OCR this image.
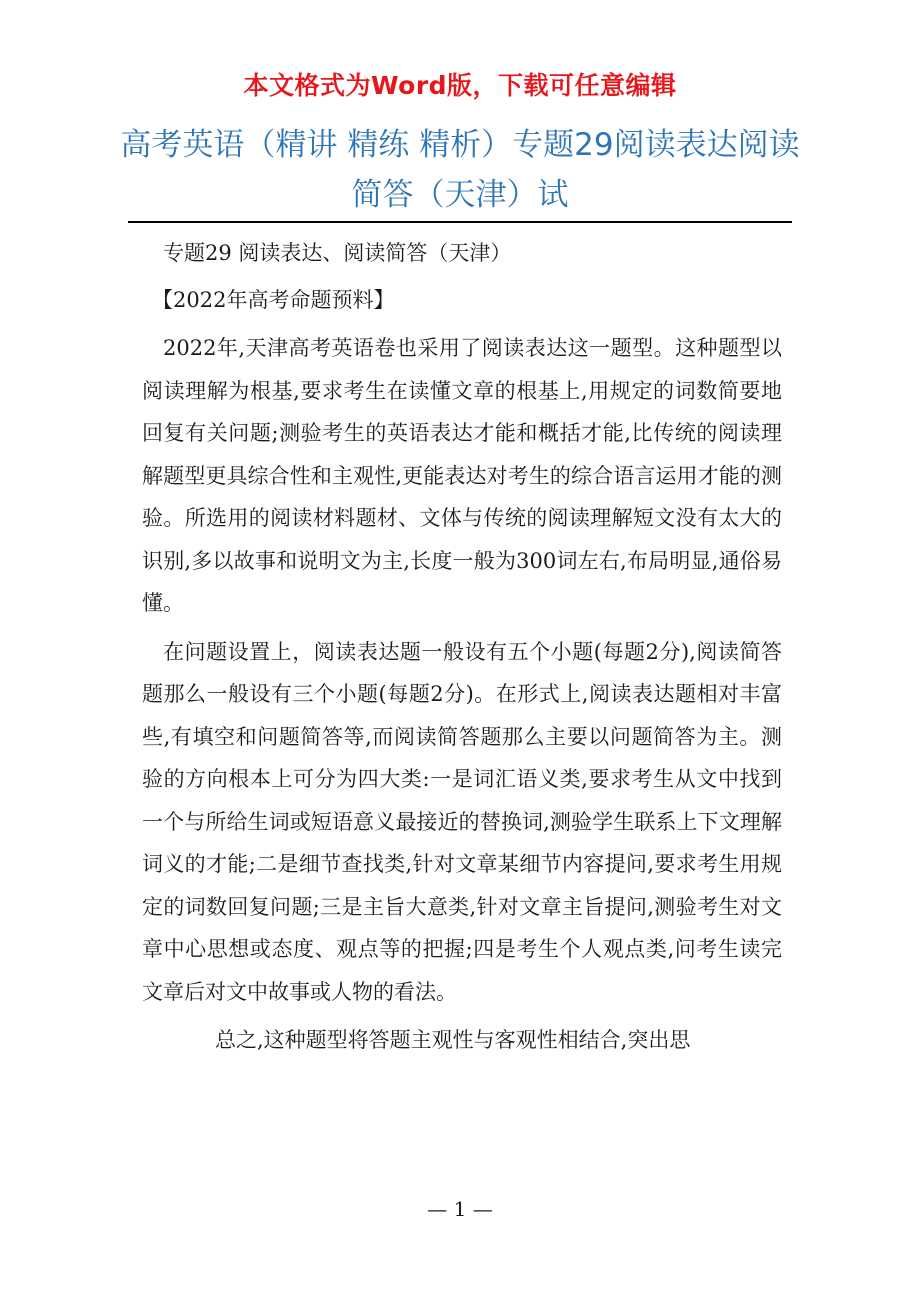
本文格式为Word版，下载可任意编辑
高考英语（精讲 精练 精析）专题29阅读表达阅读简答（天津）试

专题29 阅读表达、阅读简答（天津）

【2022年高考命题预料】

2022年,天津高考英语卷也采用了阅读表达这一题型。这种题型以阅读理解为根基,要求考生在读懂文章的根基上,用规定的词数简要地回复有关问题;测验考生的英语表达才能和概括才能,比传统的阅读理解题型更具综合性和主观性,更能表达对考生的综合语言运用才能的测验。所选用的阅读材料题材、文体与传统的阅读理解短文没有太大的识别,多以故事和说明文为主,长度一般为300词左右,布局明显,通俗易懂。

在问题设置上，阅读表达题一般设有五个小题(每题2分),阅读简答题那么一般设有三个小题(每题2分)。在形式上,阅读表达题相对丰富些,有填空和问题简答等,而阅读简答题那么主要以问题简答为主。测验的方向根本上可分为四大类:一是词汇语义类,要求考生从文中找到一个与所给生词或短语意义最接近的替换词,测验学生联系上下文理解词义的才能;二是细节查找类,针对文章某细节内容提问,要求考生用规定的词数回复问题;三是主旨大意类,针对文章主旨提问,测验考生对文章中心思想或态度、观点等的把握;四是考生个人观点类,问考生读完文章后对文中故事或人物的看法。

总之,这种题型将答题主观性与客观性相结合,突出思

— 1 —
